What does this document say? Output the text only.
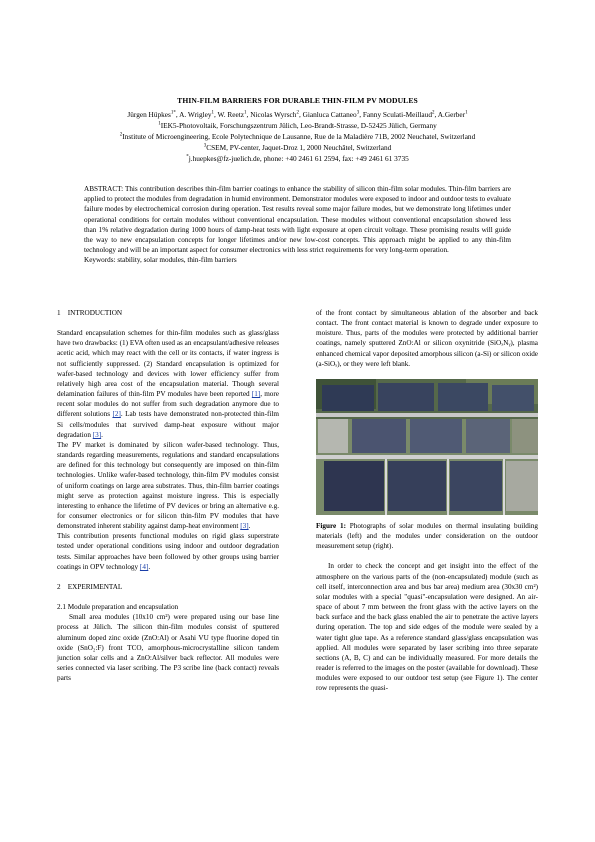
THIN-FILM BARRIERS FOR DURABLE THIN-FILM PV MODULES
Jürgen Hüpkes$^{1*}$, A. Wrigley$^1$, W. Reetz$^1$, Nicolas Wyrsch$^2$, Gianluca Cattaneo$^3$, Fanny Sculati-Meillaud$^2$, A.Gerber$^1$
$^1$IEK5-Photovoltaik, Forschungszentrum Jülich, Leo-Brandt-Strasse, D-52425 Jülich, Germany
$^2$Institute of Microengineering, Ecole Polytechnique de Lausanne, Rue de la Maladière 71B, 2002 Neuchatel, Switzerland
$^3$CSEM, PV-center, Jaquet-Droz 1, 2000 Neuchâtel, Switzerland
*j.huepkes@fz-juelich.de, phone: +40 2461 61 2594, fax: +49 2461 61 3735

ABSTRACT: This contribution describes thin-film barrier coatings to enhance the stability of silicon thin-film solar modules. Thin-film barriers are applied to protect the modules from degradation in humid environment. Demonstrator modules were exposed to indoor and outdoor tests to evaluate failure modes by electrochemical corrosion during operation. Test results reveal some major failure modes, but we demonstrate long lifetimes under operational conditions for certain modules without conventional encapsulation. These modules without conventional encapsulation showed less than 1% relative degradation during 1000 hours of damp-heat tests with light exposure at open circuit voltage. These promising results will guide the way to new encapsulation concepts for longer lifetimes and/or new low-cost concepts. This approach might be applied to any thin-film technology and will be an important aspect for consumer electronics with less strict requirements for very long-term operation.

Keywords: stability, solar modules, thin-film barriers

1    INTRODUCTION

Standard encapsulation schemes for thin-film modules such as glass/glass have two drawbacks: (1) EVA often used as an encapsulant/adhesive releases acetic acid, which may react with the cell or its contacts, if water ingress is not sufficiently suppressed. (2) Standard encapsulation is optimized for wafer-based technology and devices with lower efficiency suffer from relatively high area cost of the encapsulation material. Though several delamination failures of thin-film PV modules have been reported [1], more recent solar modules do not suffer from such degradation anymore due to different solutions [2]. Lab tests have demonstrated non-protected thin-film Si cells/modules that survived damp-heat exposure without major degradation [3].

The PV market is dominated by silicon wafer-based technology. Thus, standards regarding measurements, regulations and standard encapsulations are defined for this technology but consequently are imposed on thin-film technologies. Unlike wafer-based technology, thin-film PV modules consist of uniform coatings on large area substrates. Thus, thin-film barrier coatings might serve as protection against moisture ingress. This is especially interesting to enhance the lifetime of PV devices or bring an alternative e.g. for consumer electronics or for silicon thin-film PV modules that have demonstrated inherent stability against damp-heat environment [3].

This contribution presents functional modules on rigid glass superstrate tested under operational conditions using indoor and outdoor degradation tests. Similar approaches have been followed by other groups using barrier coatings in OPV technology [4].

2    EXPERIMENTAL

2.1 Module preparation and encapsulation

Small area modules (10x10 cm²) were prepared using our base line process at Jülich. The silicon thin-film modules consist of sputtered aluminum doped zinc oxide (ZnO:Al) or Asahi VU type fluorine doped tin oxide (SnO₂:F) front TCO, amorphous-microcrystalline silicon tandem junction solar cells and a ZnO:Al/silver back reflector. All modules were series connected via laser scribing. The P3 scribe line (back contact) reveals parts

of the front contact by simultaneous ablation of the absorber and back contact. The front contact material is known to degrade under exposure to moisture. Thus, parts of the modules were protected by additional barrier coatings, namely sputtered ZnO:Al or silicon oxynitride (SiOₓNᵧ), plasma enhanced chemical vapor deposited amorphous silicon (a-Si) or silicon oxide (a-SiOₓ), or they were left blank.

Figure 1: Photographs of solar modules on thermal insulating building materials (left) and the modules under consideration on the outdoor measurement setup (right).

In order to check the concept and get insight into the effect of the atmosphere on the various parts of the (non-encapsulated) module (such as cell itself, interconnection area and bus bar area) medium area (30x30 cm²) solar modules with a special "quasi"-encapsulation were designed. An air-space of about 7 mm between the front glass with the active layers on the back surface and the back glass enabled the air to penetrate the active layers during operation. The top and side edges of the module were sealed by a water tight glue tape. As a reference standard glass/glass encapsulation was applied. All modules were separated by laser scribing into three separate sections (A, B, C) and can be individually measured. For more details the reader is referred to the images on the poster (available for download). These modules were exposed to our outdoor test setup (see Figure 1). The center row represents the quasi-
